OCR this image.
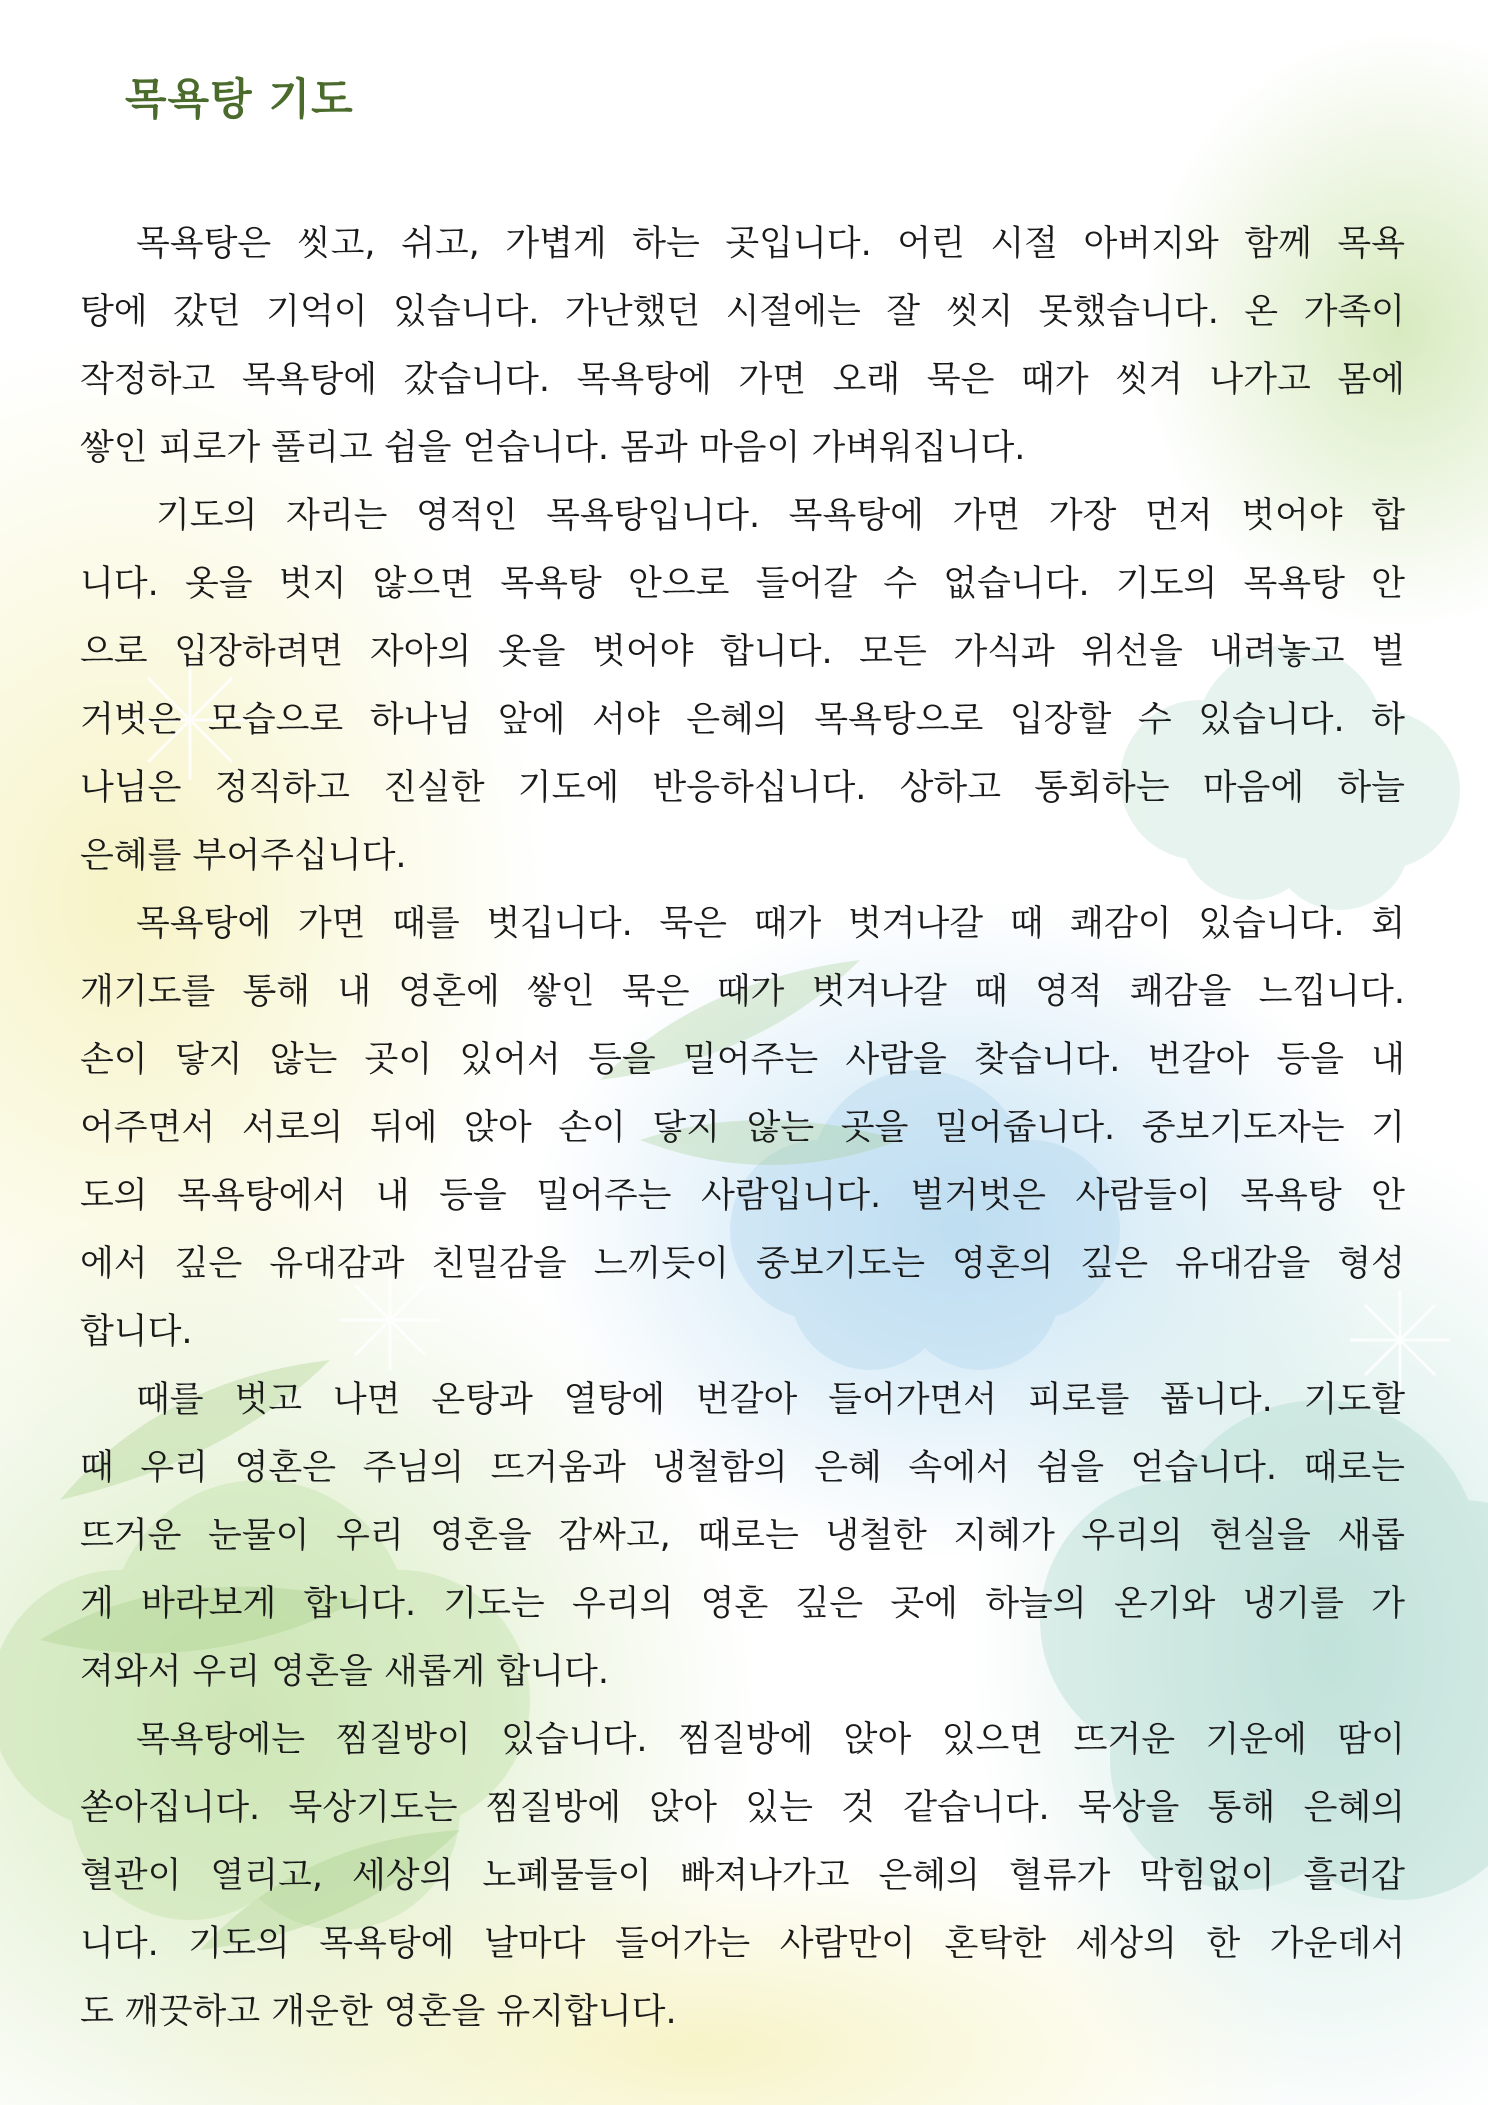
목욕탕 기도
목욕탕은 씻고, 쉬고, 가볍게 하는 곳입니다. 어린 시절 아버지와 함께 목욕
탕에 갔던 기억이 있습니다. 가난했던 시절에는 잘 씻지 못했습니다. 온 가족이
작정하고 목욕탕에 갔습니다. 목욕탕에 가면 오래 묵은 때가 씻겨 나가고 몸에
쌓인 피로가 풀리고 쉼을 얻습니다. 몸과 마음이 가벼워집니다.
기도의 자리는 영적인 목욕탕입니다. 목욕탕에 가면 가장 먼저 벗어야 합
니다. 옷을 벗지 않으면 목욕탕 안으로 들어갈 수 없습니다. 기도의 목욕탕 안
으로 입장하려면 자아의 옷을 벗어야 합니다. 모든 가식과 위선을 내려놓고 벌
거벗은 모습으로 하나님 앞에 서야 은혜의 목욕탕으로 입장할 수 있습니다. 하
나님은 정직하고 진실한 기도에 반응하십니다. 상하고 통회하는 마음에 하늘
은혜를 부어주십니다.
목욕탕에 가면 때를 벗깁니다. 묵은 때가 벗겨나갈 때 쾌감이 있습니다. 회
개기도를 통해 내 영혼에 쌓인 묵은 때가 벗겨나갈 때 영적 쾌감을 느낍니다.
손이 닿지 않는 곳이 있어서 등을 밀어주는 사람을 찾습니다. 번갈아 등을 내
어주면서 서로의 뒤에 앉아 손이 닿지 않는 곳을 밀어줍니다. 중보기도자는 기
도의 목욕탕에서 내 등을 밀어주는 사람입니다. 벌거벗은 사람들이 목욕탕 안
에서 깊은 유대감과 친밀감을 느끼듯이 중보기도는 영혼의 깊은 유대감을 형성
합니다.
때를 벗고 나면 온탕과 열탕에 번갈아 들어가면서 피로를 풉니다. 기도할
때 우리 영혼은 주님의 뜨거움과 냉철함의 은혜 속에서 쉼을 얻습니다. 때로는
뜨거운 눈물이 우리 영혼을 감싸고, 때로는 냉철한 지혜가 우리의 현실을 새롭
게 바라보게 합니다. 기도는 우리의 영혼 깊은 곳에 하늘의 온기와 냉기를 가
져와서 우리 영혼을 새롭게 합니다.
목욕탕에는 찜질방이 있습니다. 찜질방에 앉아 있으면 뜨거운 기운에 땀이
쏟아집니다. 묵상기도는 찜질방에 앉아 있는 것 같습니다. 묵상을 통해 은혜의
혈관이 열리고, 세상의 노폐물들이 빠져나가고 은혜의 혈류가 막힘없이 흘러갑
니다. 기도의 목욕탕에 날마다 들어가는 사람만이 혼탁한 세상의 한 가운데서
도 깨끗하고 개운한 영혼을 유지합니다.
